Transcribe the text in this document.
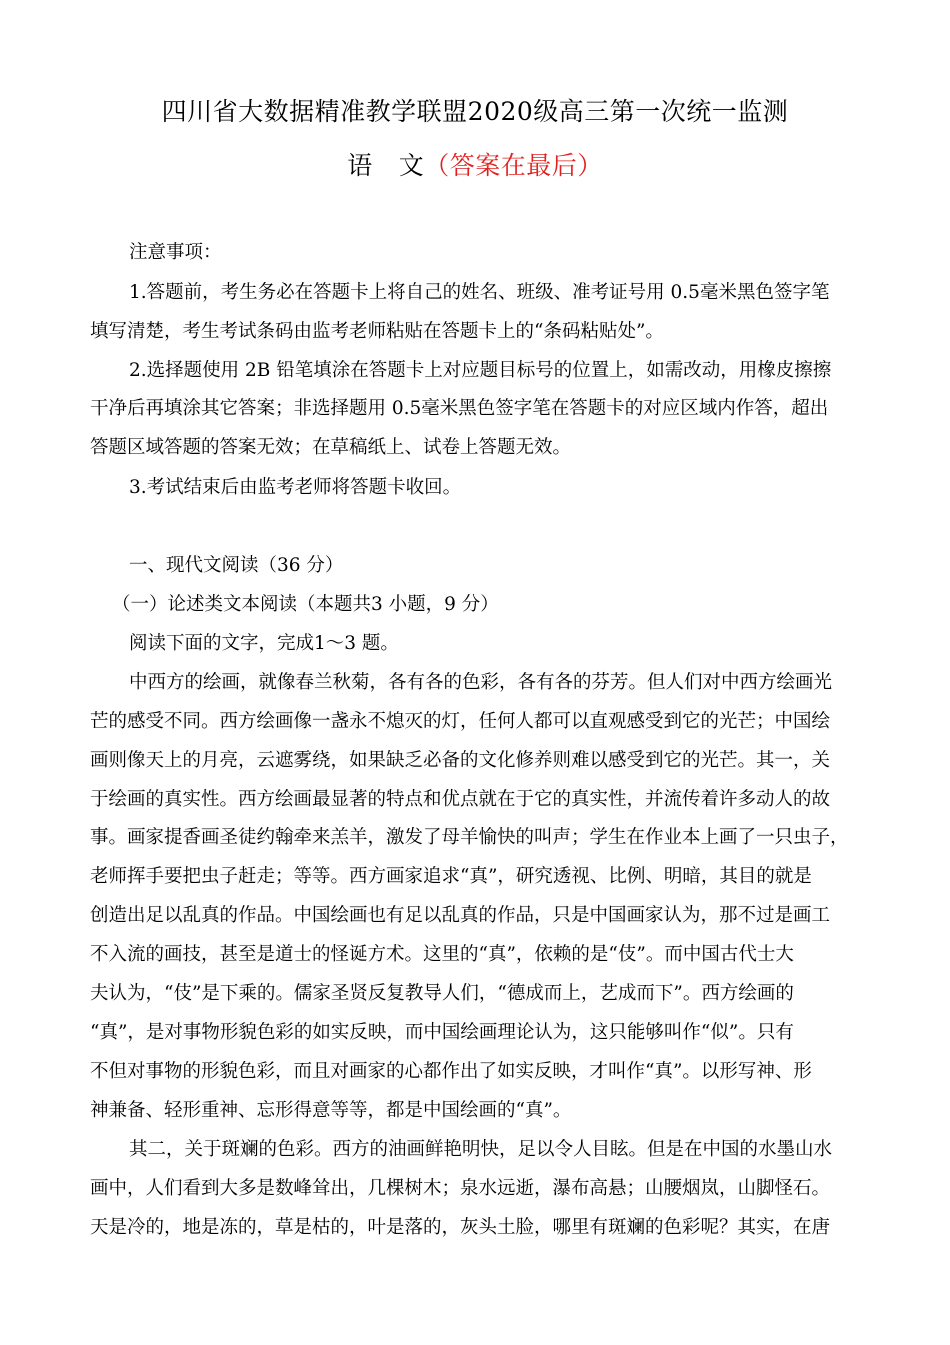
四川省大数据精准教学联盟2020级高三第一次统一监测
语 文（答案在最后）
注意事项：
1.答题前，考生务必在答题卡上将自己的姓名、班级、准考证号用 0.5毫米黑色签字笔
填写清楚，考生考试条码由监考老师粘贴在答题卡上的“条码粘贴处”。
2.选择题使用 2B 铅笔填涂在答题卡上对应题目标号的位置上，如需改动，用橡皮擦擦
干净后再填涂其它答案；非选择题用 0.5毫米黑色签字笔在答题卡的对应区域内作答，超出
答题区域答题的答案无效；在草稿纸上、试卷上答题无效。
3.考试结束后由监考老师将答题卡收回。
一、现代文阅读（36 分）
（一）论述类文本阅读（本题共3 小题，9 分）
阅读下面的文字，完成1～3 题。
中西方的绘画，就像春兰秋菊，各有各的色彩，各有各的芬芳。但人们对中西方绘画光
芒的感受不同。西方绘画像一盏永不熄灭的灯，任何人都可以直观感受到它的光芒；中国绘
画则像天上的月亮，云遮雾绕，如果缺乏必备的文化修养则难以感受到它的光芒。其一，关
于绘画的真实性。西方绘画最显著的特点和优点就在于它的真实性，并流传着许多动人的故
事。画家提香画圣徒约翰牵来羔羊，激发了母羊愉快的叫声；学生在作业本上画了一只虫子，
老师挥手要把虫子赶走；等等。西方画家追求“真”，研究透视、比例、明暗，其目的就是
创造出足以乱真的作品。中国绘画也有足以乱真的作品，只是中国画家认为，那不过是画工
不入流的画技，甚至是道士的怪诞方术。这里的“真”，依赖的是“伎”。而中国古代士大
夫认为，“伎”是下乘的。儒家圣贤反复教导人们，“德成而上，艺成而下”。西方绘画的
“真”，是对事物形貌色彩的如实反映，而中国绘画理论认为，这只能够叫作“似”。只有
不但对事物的形貌色彩，而且对画家的心都作出了如实反映，才叫作“真”。以形写神、形
神兼备、轻形重神、忘形得意等等，都是中国绘画的“真”。
其二，关于斑斓的色彩。西方的油画鲜艳明快，足以令人目眩。但是在中国的水墨山水
画中，人们看到大多是数峰耸出，几棵树木；泉水远逝，瀑布高悬；山腰烟岚，山脚怪石。
天是冷的，地是冻的，草是枯的，叶是落的，灰头土脸，哪里有斑斓的色彩呢？其实，在唐
